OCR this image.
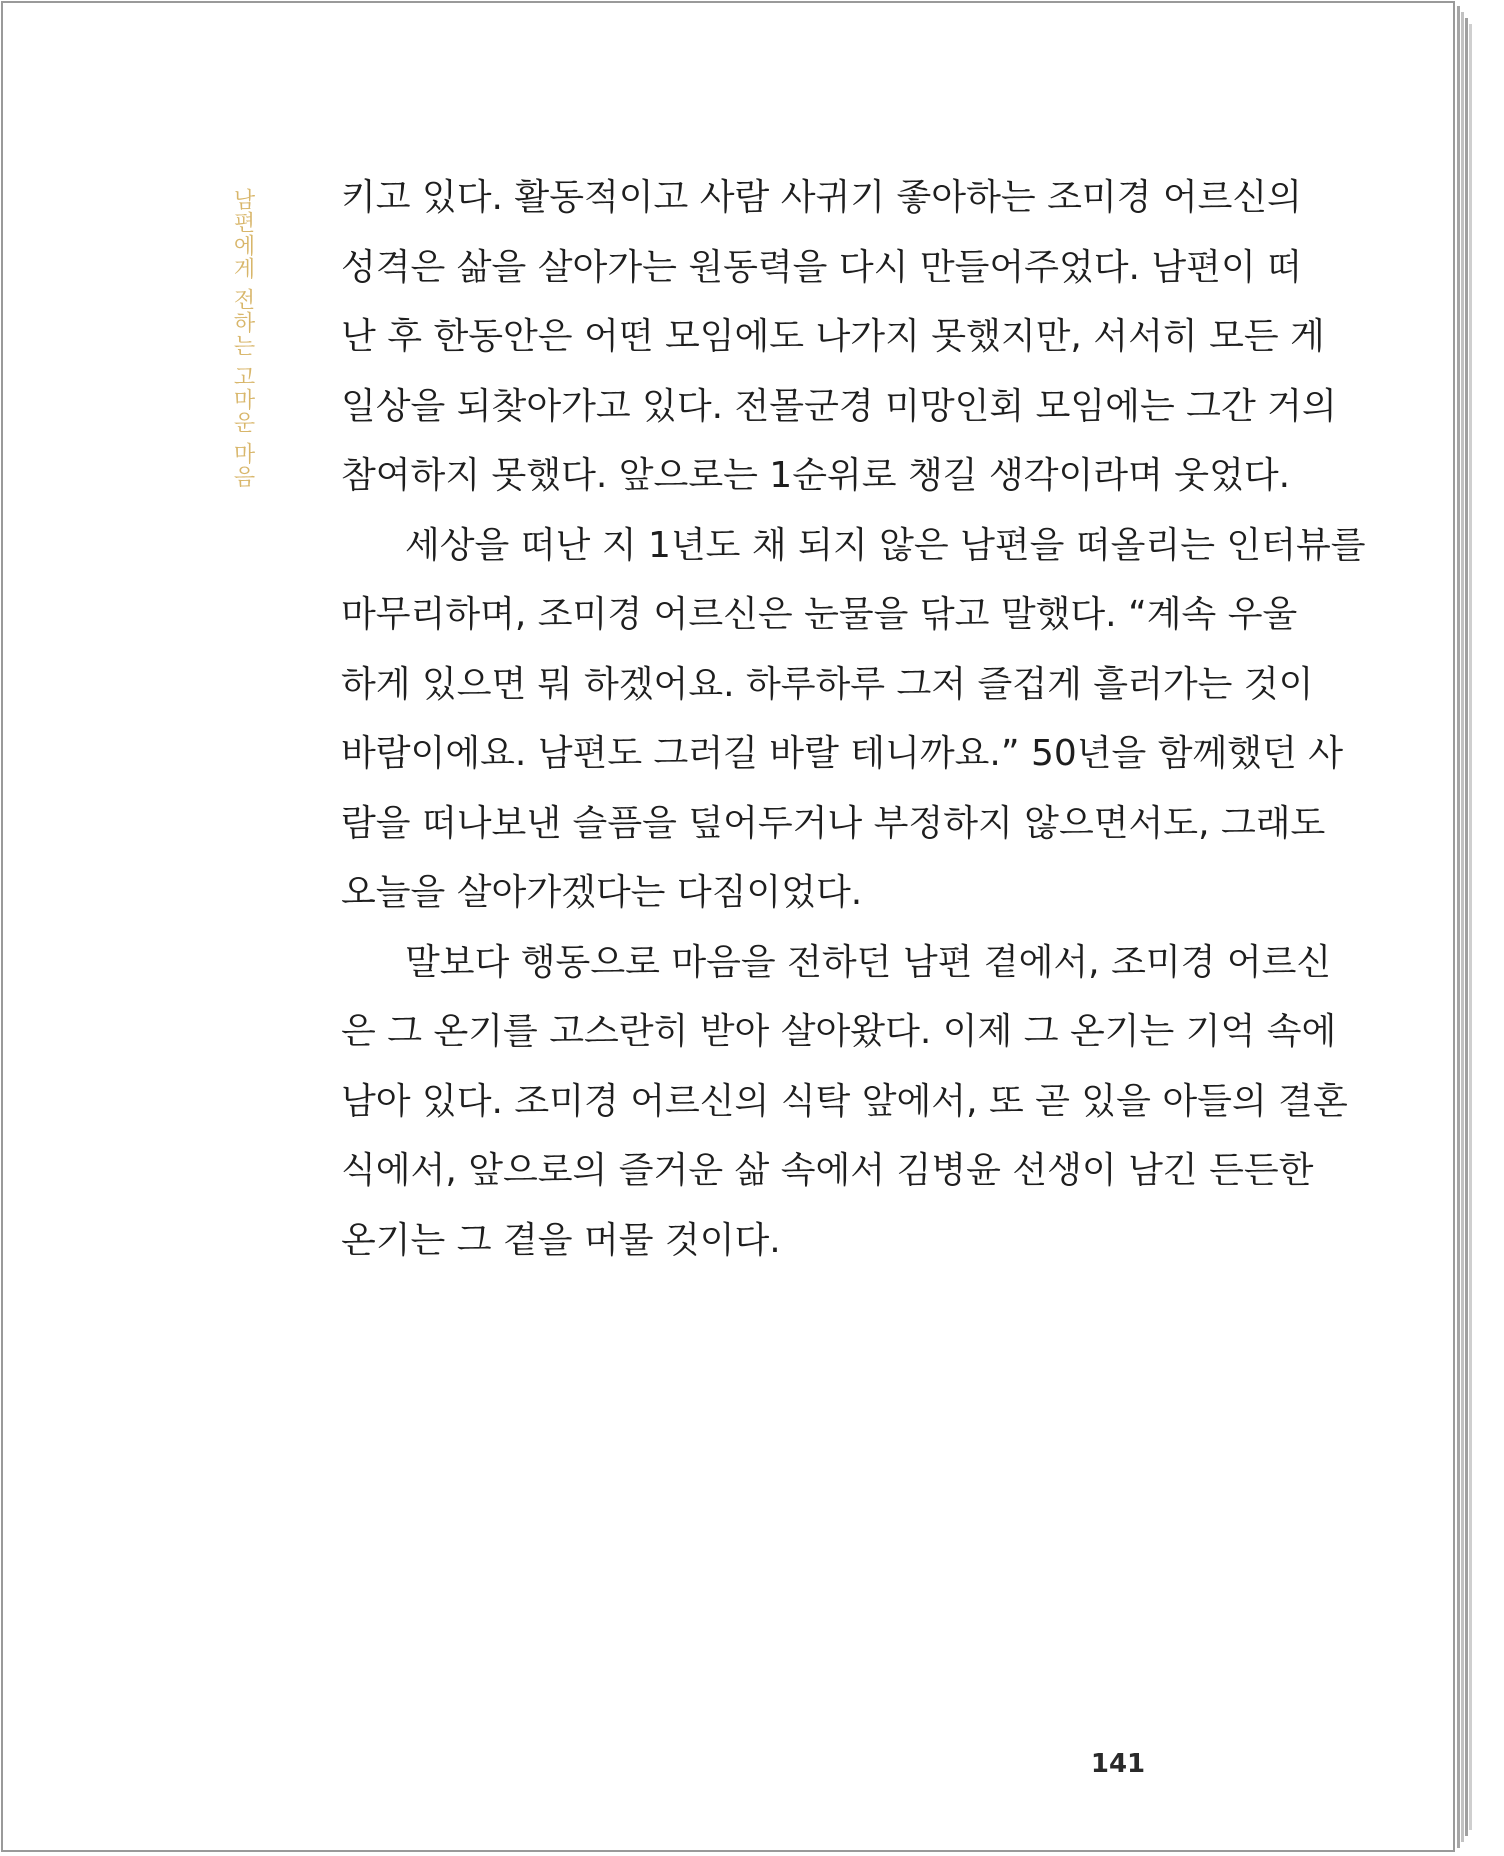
남편에게 전하는 고마운 마음 키고 있다. 활동적이고 사람 사귀기 좋아하는 조미경 어르신의
성격은 삶을 살아가는 원동력을 다시 만들어주었다. 남편이 떠
난 후 한동안은 어떤 모임에도 나가지 못했지만, 서서히 모든 게
일상을 되찾아가고 있다. 전몰군경 미망인회 모임에는 그간 거의
참여하지 못했다. 앞으로는 1순위로 챙길 생각이라며 웃었다.
세상을 떠난 지 1년도 채 되지 않은 남편을 떠올리는 인터뷰를
마무리하며, 조미경 어르신은 눈물을 닦고 말했다. “계속 우울
하게 있으면 뭐 하겠어요. 하루하루 그저 즐겁게 흘러가는 것이
바람이에요. 남편도 그러길 바랄 테니까요.” 50년을 함께했던 사
람을 떠나보낸 슬픔을 덮어두거나 부정하지 않으면서도, 그래도
오늘을 살아가겠다는 다짐이었다.
말보다 행동으로 마음을 전하던 남편 곁에서, 조미경 어르신
은 그 온기를 고스란히 받아 살아왔다. 이제 그 온기는 기억 속에
남아 있다. 조미경 어르신의 식탁 앞에서, 또 곧 있을 아들의 결혼
식에서, 앞으로의 즐거운 삶 속에서 김병윤 선생이 남긴 든든한
온기는 그 곁을 머물 것이다.
141
